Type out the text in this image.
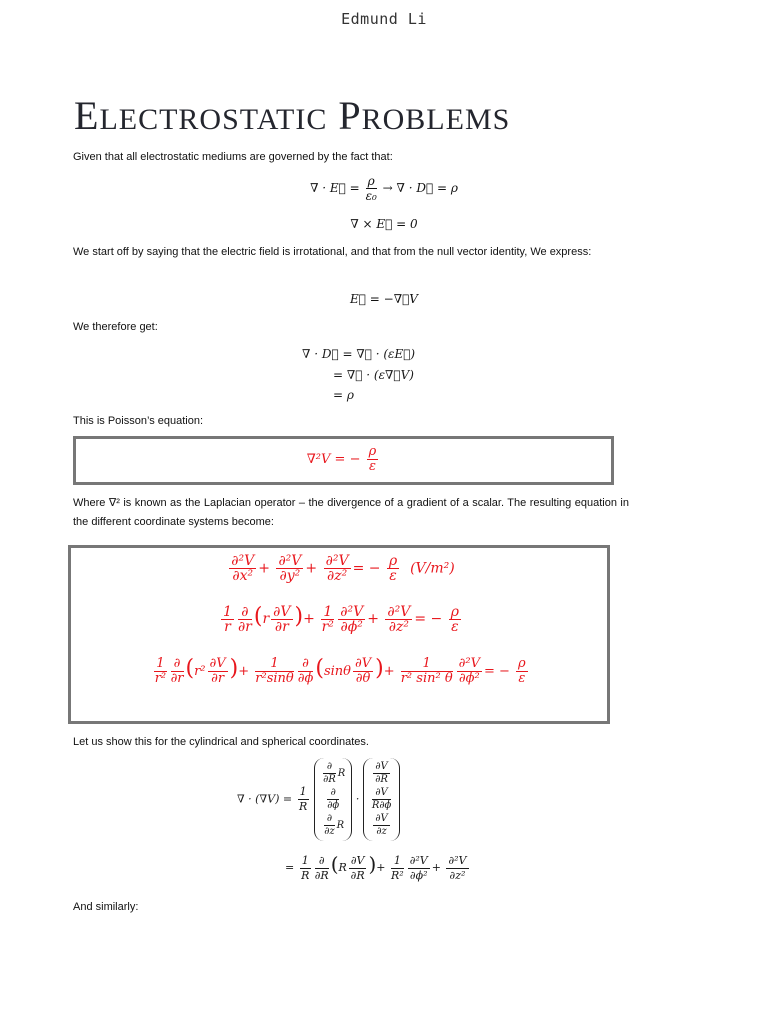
Edmund Li
ELECTROSTATIC PROBLEMS
Given that all electrostatic mediums are governed by the fact that:
∇ · E⃗ = $\frac{\rho}{\text{ε₀}}$ → ∇ · D⃗ = ρ
∇ × E⃗ = 0
We start off by saying that the electric field is irrotational, and that from the null vector identity, We express:
E⃗ = −∇⃗V
We therefore get:
∇ · D⃗ = ∇⃗ · (εE⃗)
= ∇⃗ · (ε∇⃗V)
= ρ
This is Poisson’s equation:
∇²V = − $\frac{\rho}{\varepsilon}$
Where ∇² is known as the Laplacian operator – the divergence of a gradient of a scalar. The resulting equation in the different coordinate systems become:
$\frac{\text{∂²V}}{\text{∂x²}} + \frac{\text{∂²V}}{\text{∂y²}} + \frac{\text{∂²V}}{\text{∂z²}}$ = − $\frac{\rho}{\varepsilon} (V/m^2)$
$\frac{1}{r} \frac{\partial}{\partial r} (r \frac{\partial V}{\partial r}$ )+ $\frac{1}{\text{r²}} \frac{\text{∂²V}}{\text{∂ϕ²}} + \frac{\text{∂²V}}{\text{∂z²}}$ = − $\frac{\rho}{\varepsilon}$
$\frac{1}{\text{r²}} \frac{\partial}{\partial r} (r^2 \frac{\partial V}{\partial r}$ )+ $\frac{1}{\text{r²sinθ}} \frac{\partial}{\partial\phi} (\sin\theta \frac{\partial V}{\partial\theta}$ )+ $\frac{1}{\text{r² sin² θ}} \frac{\text{∂²V}}{\text{∂ϕ²}}$ = − $\frac{\rho}{\varepsilon}$
Let us show this for the cylindrical and spherical coordinates.
∇ · $(\nabla V) = \frac{1}{R}$

$\frac{\partial}{\partial R}$ R
$\frac{\partial}{\partial\phi}$
$\frac{\partial}{\partial z}$ R
·
$\frac{\partial V}{\partial R}$
$\frac{\partial V}{R\partial\phi}$
$\frac{\partial V}{\partial z}$
= $\frac{1}{R} \frac{\partial}{\partial R} (R \frac{\partial V}{\partial R}$ )+ $\frac{1}{\text{R²}} \frac{\text{∂²V}}{\text{∂ϕ²}} + \frac{\text{∂²V}}{\text{∂z²}}$
And similarly:
